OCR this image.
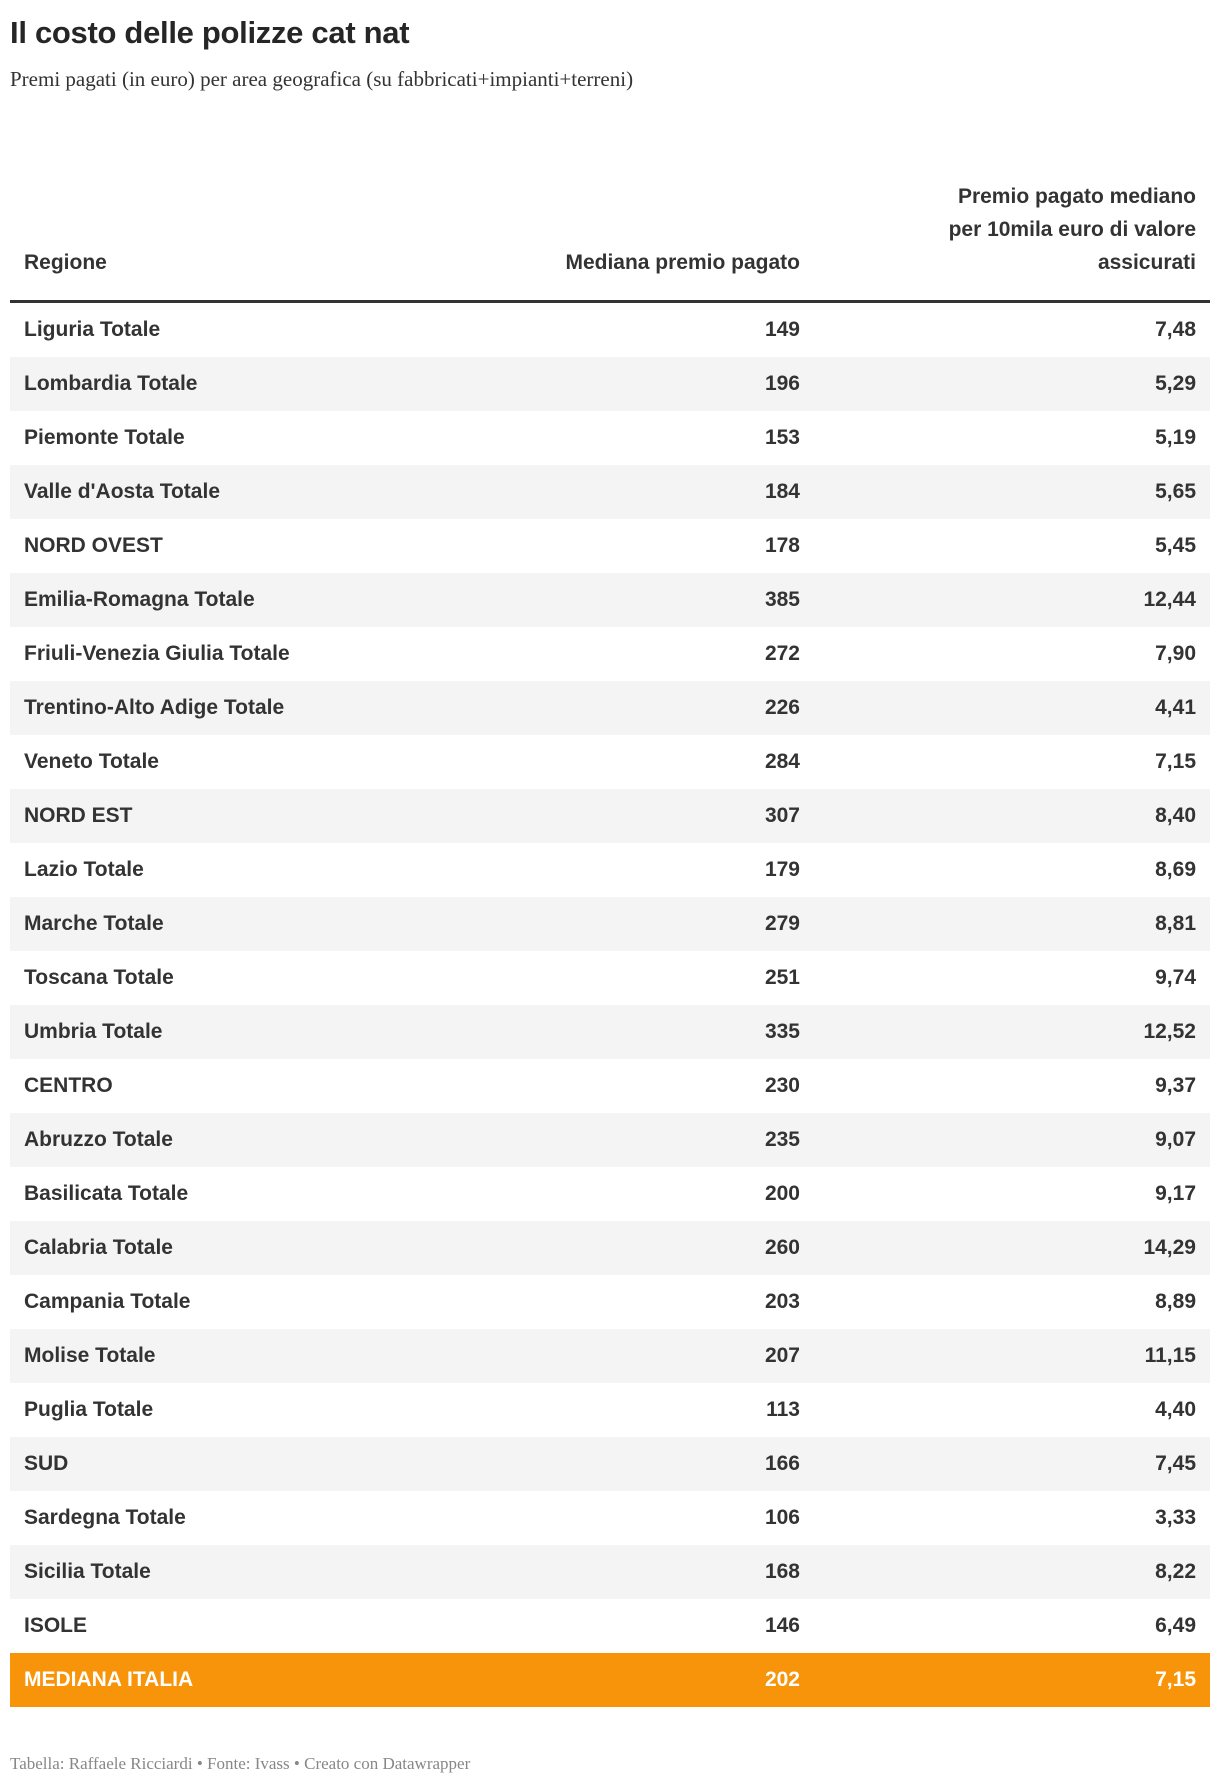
Il costo delle polizze cat nat

Premi pagati (in euro) per area geografica (su fabbricati+impianti+terreni)

Regione	Mediana premio pagato	Premio pagato mediano
per 10mila euro di valore
assicurati

Liguria Totale	149	7,48
Lombardia Totale	196	5,29
Piemonte Totale	153	5,19
Valle d'Aosta Totale	184	5,65
NORD OVEST	178	5,45
Emilia-Romagna Totale	385	12,44
Friuli-Venezia Giulia Totale	272	7,90
Trentino-Alto Adige Totale	226	4,41
Veneto Totale	284	7,15
NORD EST	307	8,40
Lazio Totale	179	8,69
Marche Totale	279	8,81
Toscana Totale	251	9,74
Umbria Totale	335	12,52
CENTRO	230	9,37
Abruzzo Totale	235	9,07
Basilicata Totale	200	9,17
Calabria Totale	260	14,29
Campania Totale	203	8,89
Molise Totale	207	11,15
Puglia Totale	113	4,40
SUD	166	7,45
Sardegna Totale	106	3,33
Sicilia Totale	168	8,22
ISOLE	146	6,49
MEDIANA ITALIA	202	7,15

Tabella: Raffaele Ricciardi • Fonte: Ivass • Creato con Datawrapper
